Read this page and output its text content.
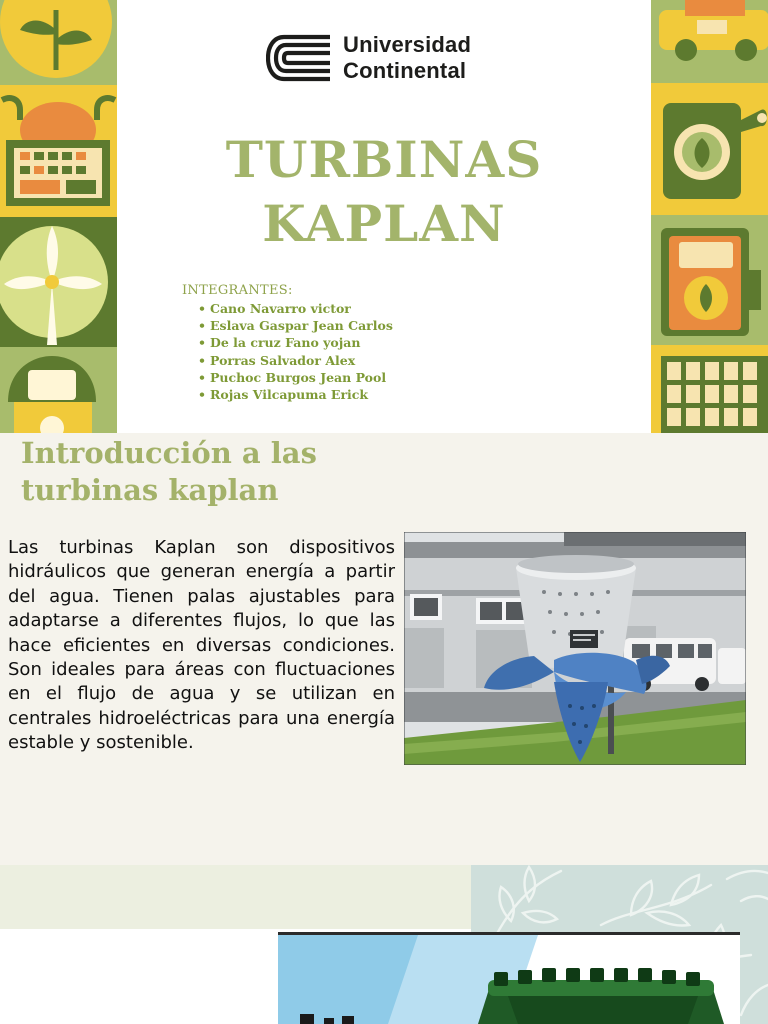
Universidad
Continental
TURBINAS
KAPLAN
INTEGRANTES:
• Cano Navarro victor
• Eslava Gaspar Jean Carlos
• De la cruz Fano yojan
• Porras Salvador Alex
• Puchoc Burgos Jean Pool
• Rojas Vilcapuma Erick
Introducción a las
turbinas kaplan

Las turbinas Kaplan son dispositivos hidráulicos que generan energía a partir del agua. Tienen palas ajustables para adaptarse a diferentes flujos, lo que las hace eficientes en diversas condiciones. Son ideales para áreas con fluctuaciones en el flujo de agua y se utilizan en centrales hidroeléctricas para una energía estable y sostenible.
